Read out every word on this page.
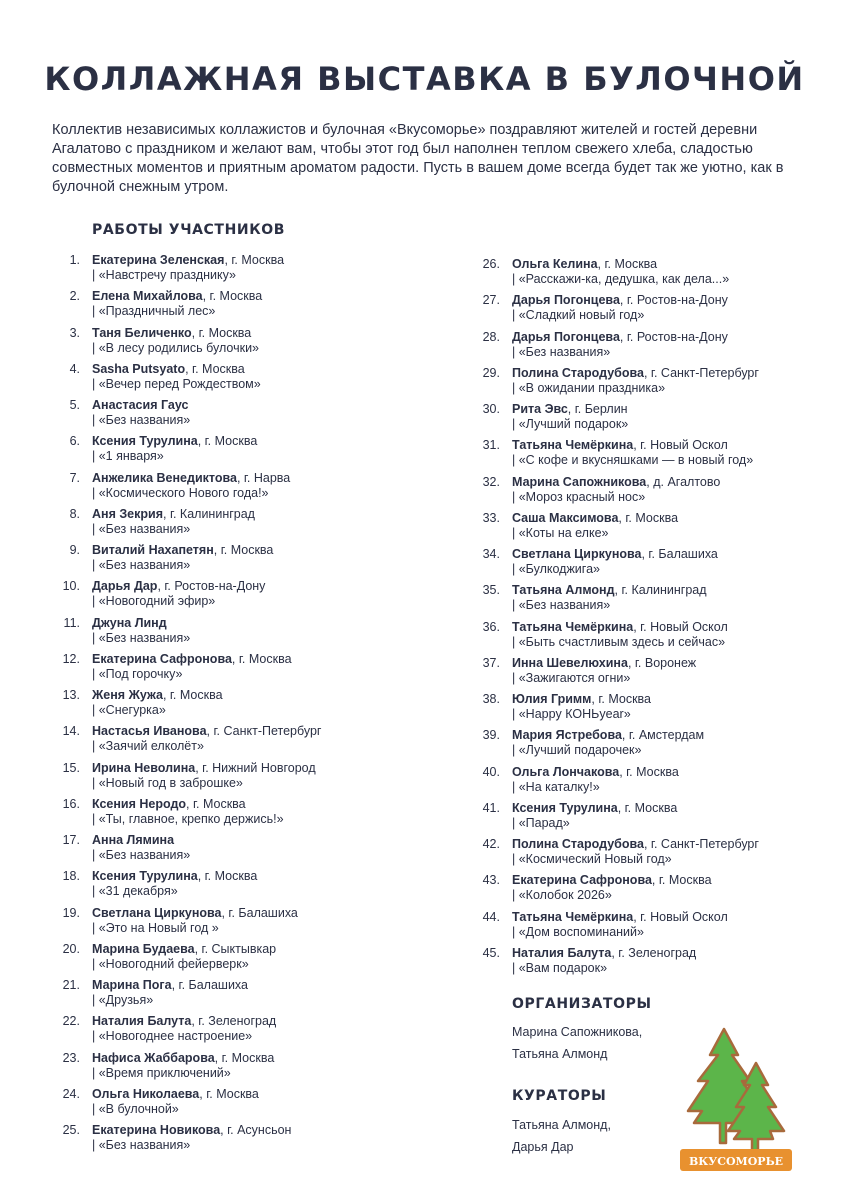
КОЛЛАЖНАЯ ВЫСТАВКА В БУЛОЧНОЙ
Коллектив независимых коллажистов и булочная «Вкусоморье» поздравляют жителей и гостей деревни Агалатово с праздником и желают вам, чтобы этот год был наполнен теплом свежего хлеба, сладостью совместных моментов и приятным ароматом радости. Пусть в вашем доме всегда будет так же уютно, как в булочной снежным утром.
РАБОТЫ УЧАСТНИКОВ
1. Екатерина Зеленская, г. Москва
| «Навстречу празднику»
2. Елена Михайлова, г. Москва
| «Праздничный лес»
3. Таня Беличенко, г. Москва
| «В лесу родились булочки»
4. Sasha Putsyato, г. Москва
| «Вечер перед Рождеством»
5. Анастасия Гаус
| «Без названия»
6. Ксения Турулина, г. Москва
| «1 января»
7. Анжелика Венедиктова, г. Нарва
| «Космического Нового года!»
8. Аня Зекрия, г. Калининград
| «Без названия»
9. Виталий Нахапетян, г. Москва
| «Без названия»
10. Дарья Дар, г. Ростов-на-Дону
| «Новогодний эфир»
11. Джуна Линд
| «Без названия»
12. Екатерина Сафронова, г. Москва
| «Под горочку»
13. Женя Жужа, г. Москва
| «Снегурка»
14. Настасья Иванова, г. Санкт-Петербург
| «Заячий елколёт»
15. Ирина Неволина, г. Нижний Новгород
| «Новый год в заброшке»
16. Ксения Неродо, г. Москва
| «Ты, главное, крепко держись!»
17. Анна Лямина
| «Без названия»
18. Ксения Турулина, г. Москва
| «31 декабря»
19. Светлана Циркунова, г. Балашиха
| «Это на Новый год »
20. Марина Будаева, г. Сыктывкар
| «Новогодний фейерверк»
21. Марина Пога, г. Балашиха
| «Друзья»
22. Наталия Балута, г. Зеленоград
| «Новогоднее настроение»
23. Нафиса Жаббарова, г. Москва
| «Время приключений»
24. Ольга Николаева, г. Москва
| «В булочной»
25. Екатерина Новикова, г. Асунсьон
| «Без названия»
26. Ольга Келина, г. Москва
| «Расскажи-ка, дедушка, как дела...»
27. Дарья Погонцева, г. Ростов-на-Дону
| «Сладкий новый год»
28. Дарья Погонцева, г. Ростов-на-Дону
| «Без названия»
29. Полина Стародубова, г. Санкт-Петербург
| «В ожидании праздника»
30. Рита Эвс, г. Берлин
| «Лучший подарок»
31. Татьяна Чемёркина, г. Новый Оскол
| «С кофе и вкусняшками — в новый год»
32. Марина Сапожникова, д. Агалтово
| «Мороз красный нос»
33. Саша Максимова, г. Москва
| «Коты на елке»
34. Светлана Циркунова, г. Балашиха
| «Булкоджига»
35. Татьяна Алмонд, г. Калининград
| «Без названия»
36. Татьяна Чемёркина, г. Новый Оскол
| «Быть счастливым здесь и сейчас»
37. Инна Шевелюхина, г. Воронеж
| «Зажигаются огни»
38. Юлия Гримм, г. Москва
| «Happy КОНЬyear»
39. Мария Ястребова, г. Амстердам
| «Лучший подарочек»
40. Ольга Лончакова, г. Москва
| «На каталку!»
41. Ксения Турулина, г. Москва
| «Парад»
42. Полина Стародубова, г. Санкт-Петербург
| «Космический Новый год»
43. Екатерина Сафронова, г. Москва
| «Колобок 2026»
44. Татьяна Чемёркина, г. Новый Оскол
| «Дом воспоминаний»
45. Наталия Балута, г. Зеленоград
| «Вам подарок»
ОРГАНИЗАТОРЫ
Марина Сапожникова,
Татьяна Алмонд
КУРАТОРЫ
Татьяна Алмонд,
Дарья Дар
ВКУСОМОРЬЕ
